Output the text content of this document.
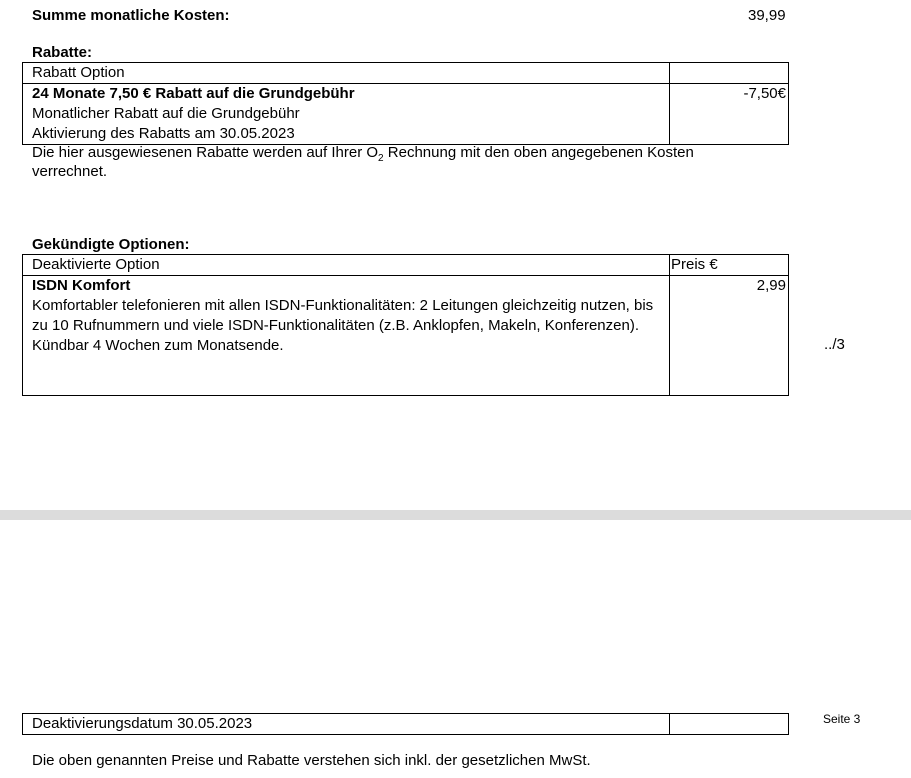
Summe monatliche Kosten:	39,99
Rabatte:
Rabatt Option	

24 Monate 7,50 € Rabatt auf die Grundgebühr
Monatlicher Rabatt auf die Grundgebühr
Aktivierung des Rabatts am 30.05.2023	-7,50€
Die hier ausgewiesenen Rabatte werden auf Ihrer $O_2$ Rechnung mit den oben angegebenen Kosten
verrechnet.
Gekündigte Optionen:
Deaktivierte Option	Preis €

ISDN Komfort
Komfortabler telefonieren mit allen ISDN-Funktionalitäten: 2 Leitungen gleichzeitig nutzen, bis zu 10 Rufnummern und viele ISDN-Funktionalitäten (z.B. Anklopfen, Makeln, Konferenzen). Kündbar 4 Wochen zum Monatsende.	2,99
../3
Deaktivierungsdatum 30.05.2023		Seite 3
Die oben genannten Preise und Rabatte verstehen sich inkl. der gesetzlichen MwSt.
